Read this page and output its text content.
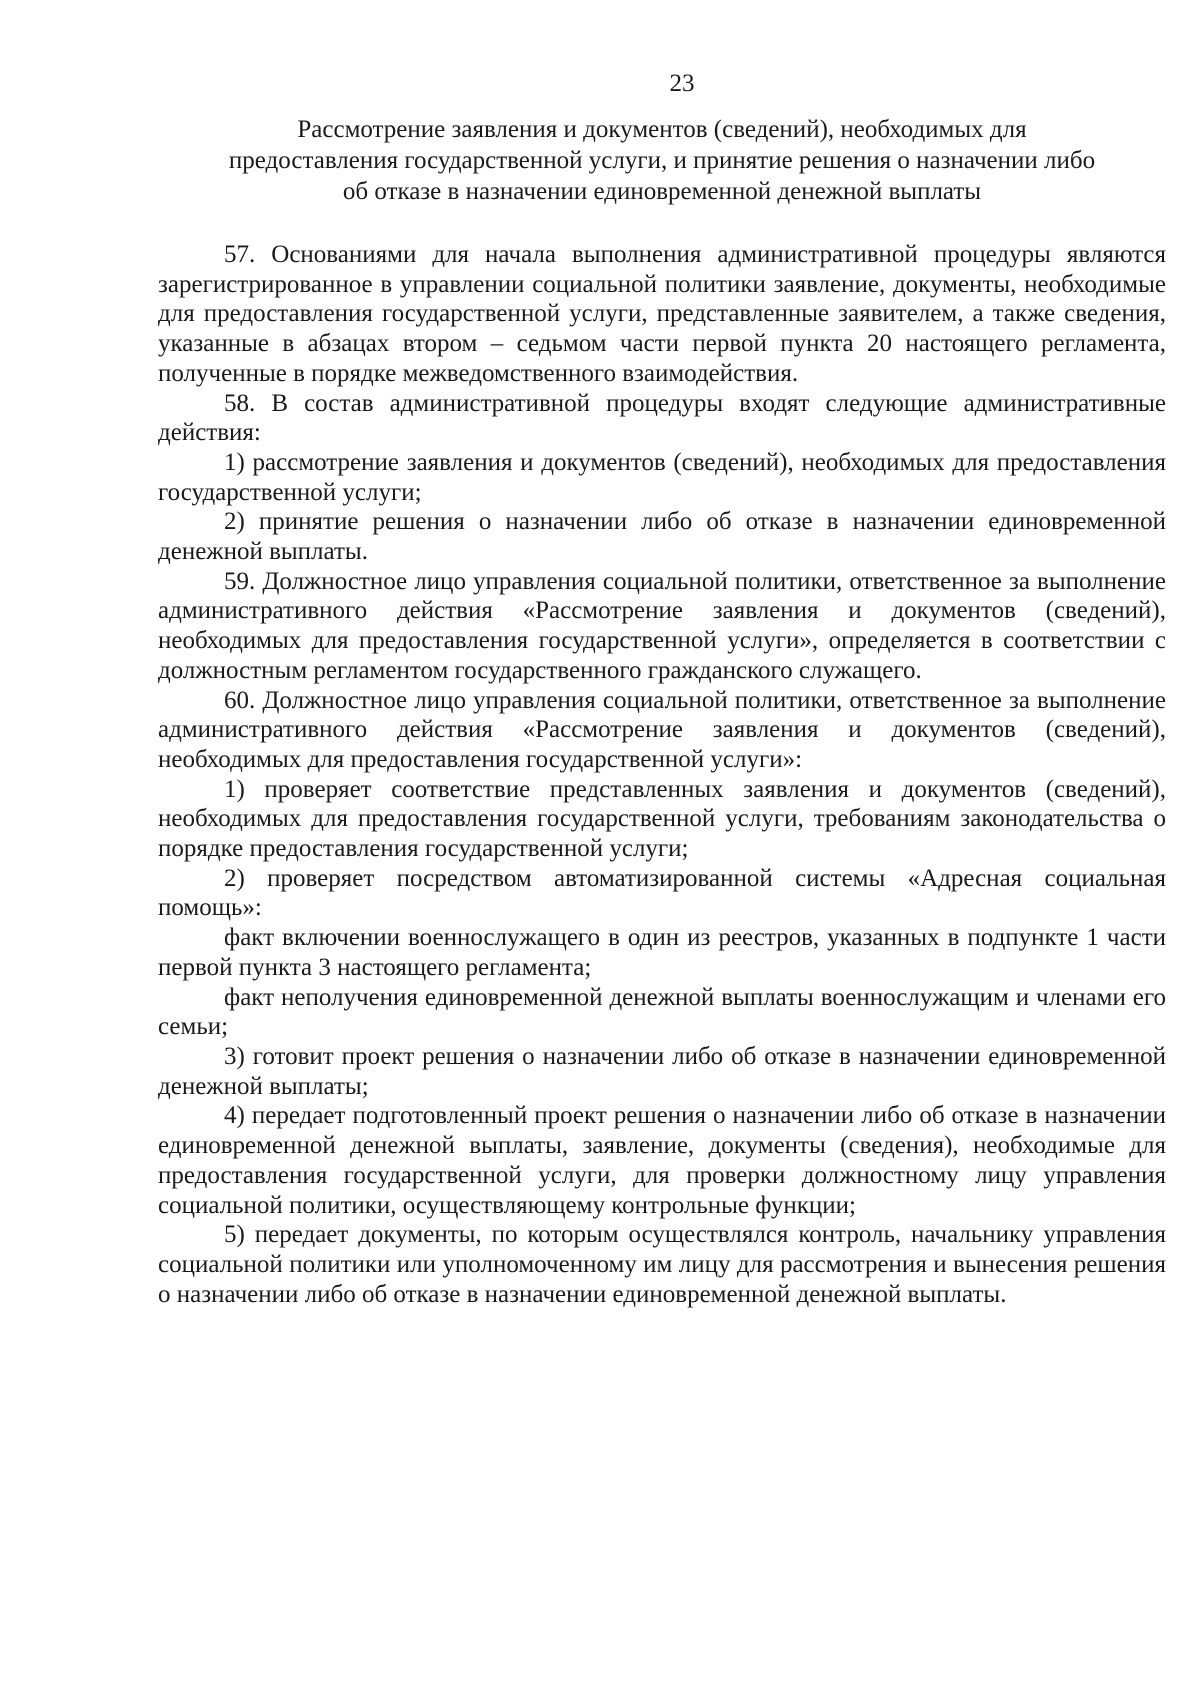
23
Рассмотрение заявления и документов (сведений), необходимых для
предоставления государственной услуги, и принятие решения о назначении либо
об отказе в назначении единовременной денежной выплаты

57. Основаниями для начала выполнения административной процедуры являются зарегистрированное в управлении социальной политики заявление, документы, необходимые для предоставления государственной услуги, представленные заявителем, а также сведения, указанные в абзацах втором – седьмом части первой пункта 20 настоящего регламента, полученные в порядке межведомственного взаимодействия.

58. В состав административной процедуры входят следующие административные действия:

1) рассмотрение заявления и документов (сведений), необходимых для предоставления государственной услуги;

2) принятие решения о назначении либо об отказе в назначении единовременной денежной выплаты.

59. Должностное лицо управления социальной политики, ответственное за выполнение административного действия «Рассмотрение заявления и документов (сведений), необходимых для предоставления государственной услуги», определяется в соответствии с должностным регламентом государственного гражданского служащего.

60. Должностное лицо управления социальной политики, ответственное за выполнение административного действия «Рассмотрение заявления и документов (сведений), необходимых для предоставления государственной услуги»:

1) проверяет соответствие представленных заявления и документов (сведений), необходимых для предоставления государственной услуги, требованиям законодательства о порядке предоставления государственной услуги;

2) проверяет посредством автоматизированной системы «Адресная социальная помощь»:

факт включении военнослужащего в один из реестров, указанных в подпункте 1 части первой пункта 3 настоящего регламента;

факт неполучения единовременной денежной выплаты военнослужащим и членами его семьи;

3) готовит проект решения о назначении либо об отказе в назначении единовременной денежной выплаты;

4) передает подготовленный проект решения о назначении либо об отказе в назначении единовременной денежной выплаты, заявление, документы (сведения), необходимые для предоставления государственной услуги, для проверки должностному лицу управления социальной политики, осуществляющему контрольные функции;

5) передает документы, по которым осуществлялся контроль, начальнику управления социальной политики или уполномоченному им лицу для рассмотрения и вынесения решения о назначении либо об отказе в назначении единовременной денежной выплаты.
